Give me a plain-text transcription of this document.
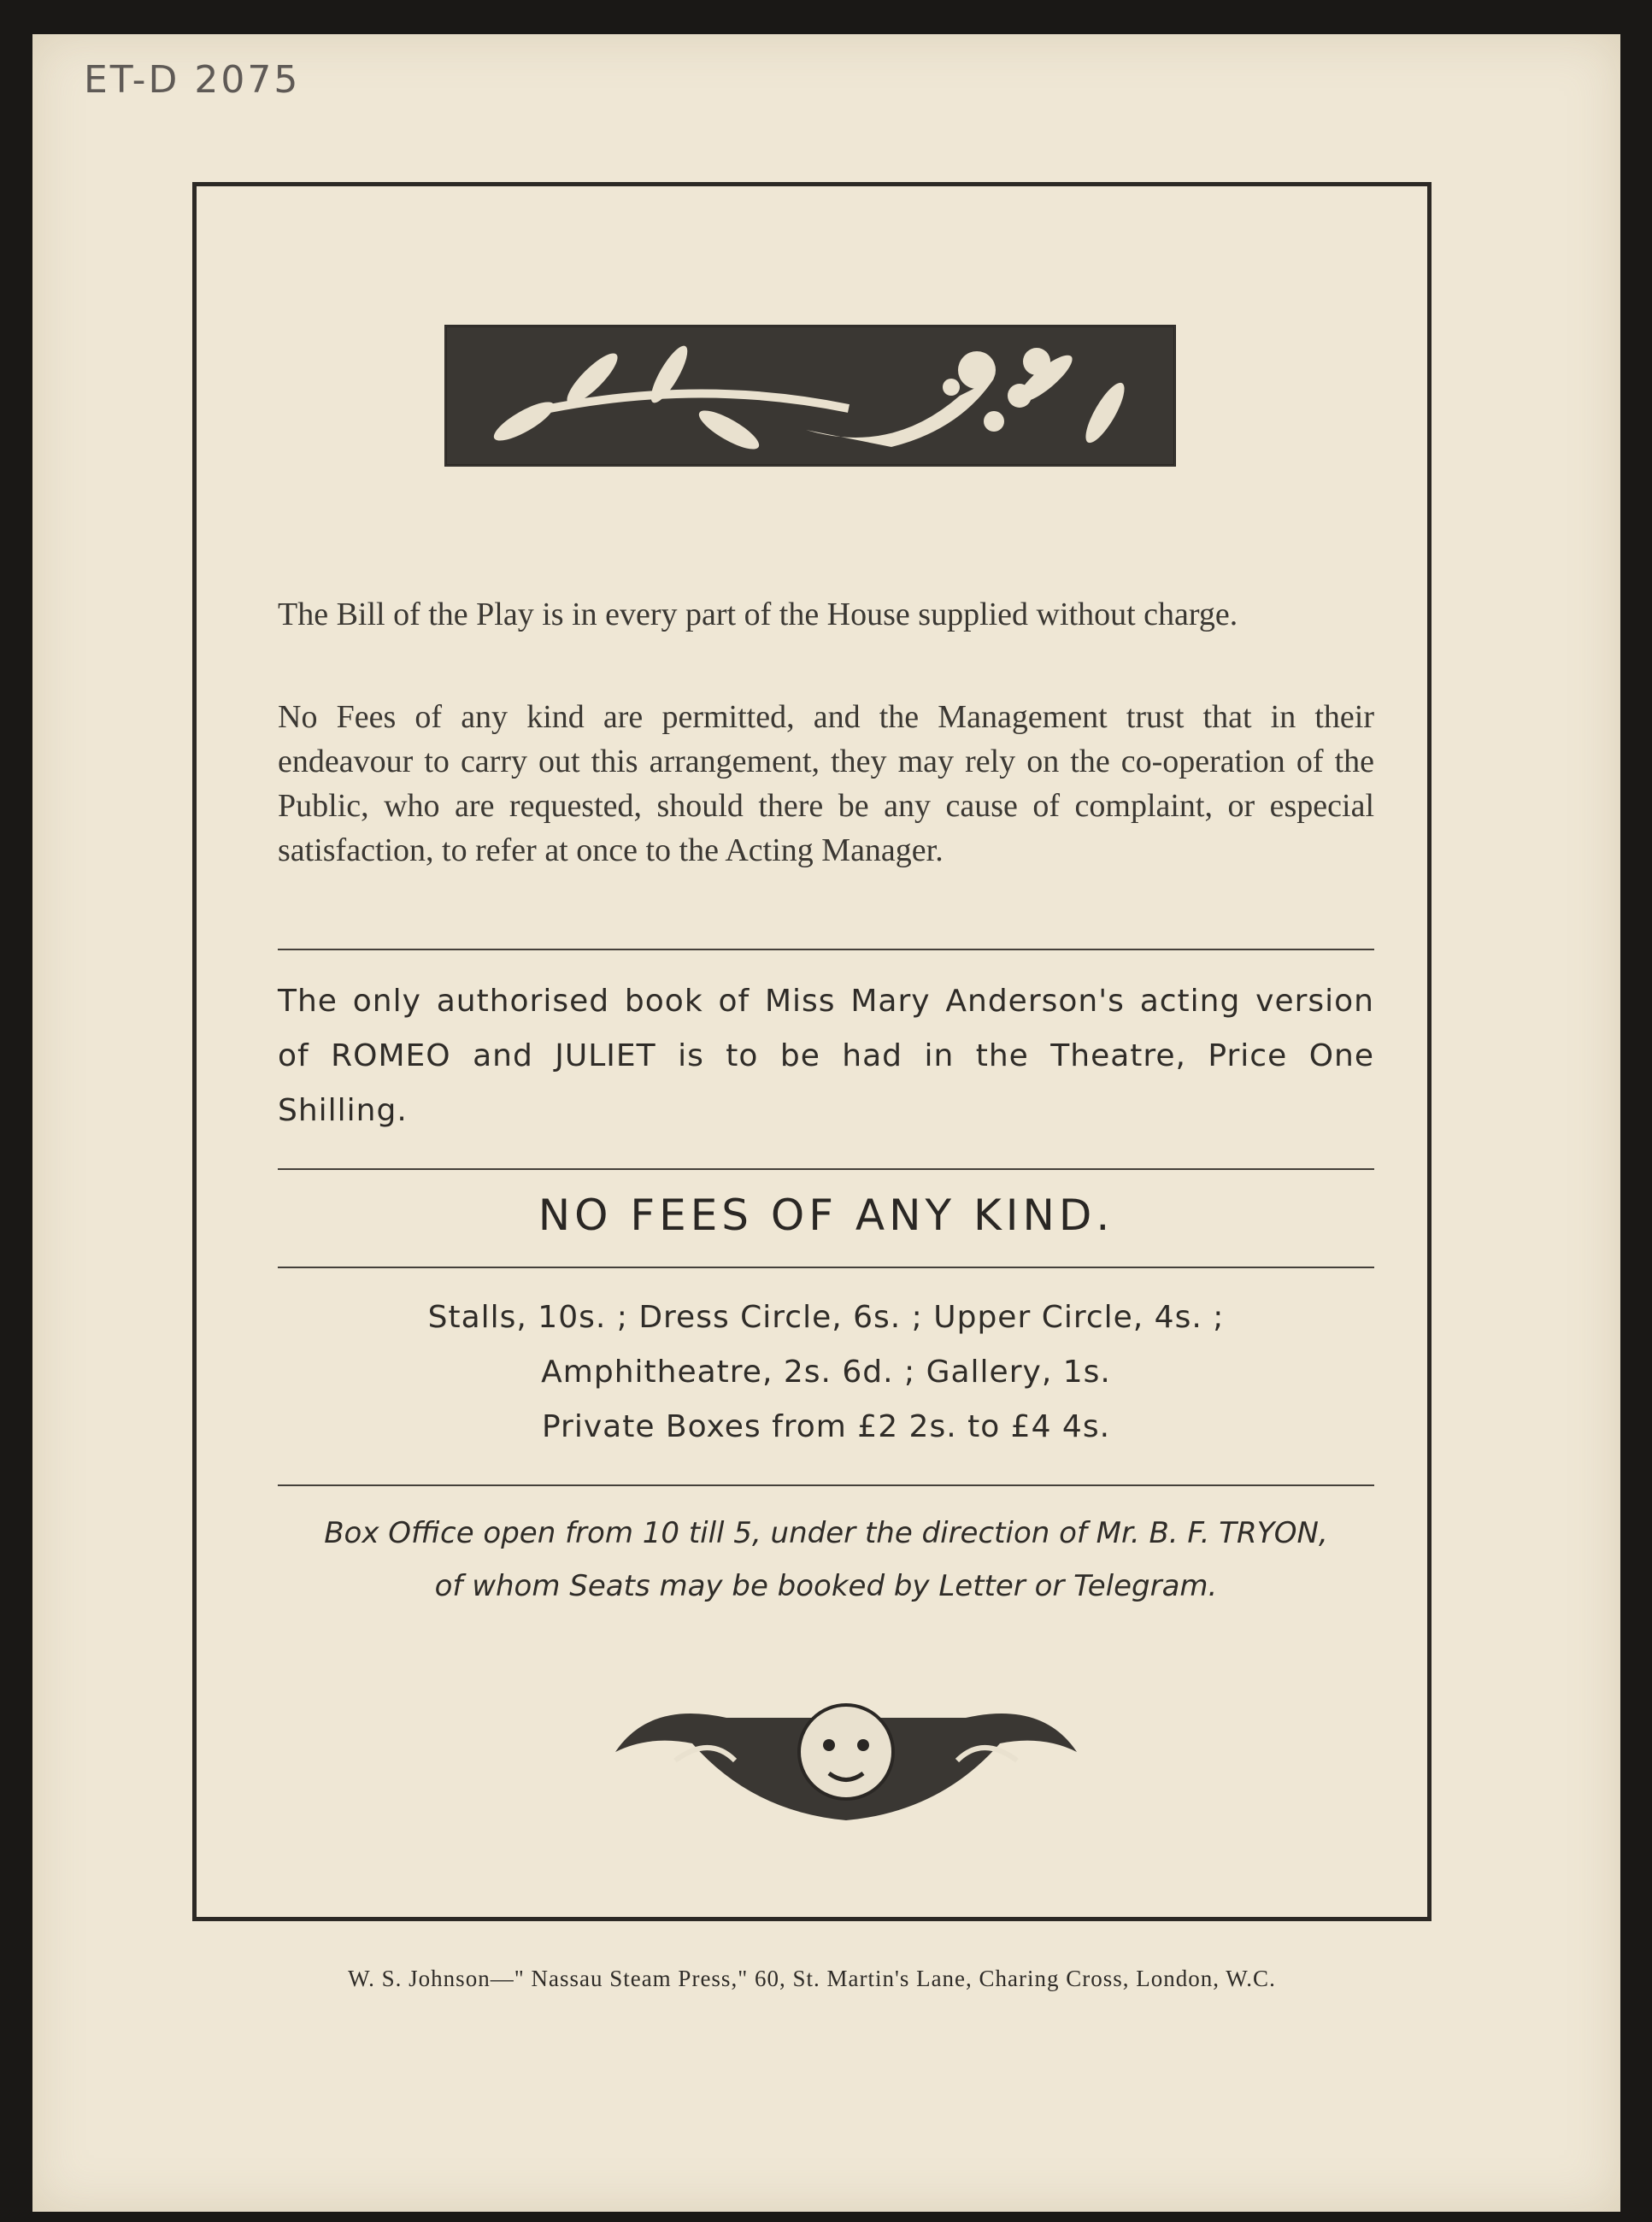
ET-D 2075
The Bill of the Play is in every part of the House supplied without charge.
No Fees of any kind are permitted, and the Management trust that in their endeavour to carry out this arrangement, they may rely on the co-operation of the Public, who are requested, should there be any cause of complaint, or especial satisfaction, to refer at once to the Acting Manager.
The only authorised book of Miss Mary Anderson's acting version of ROMEO and JULIET is to be had in the Theatre, Price One Shilling.
NO FEES OF ANY KIND.
Stalls, 10s. ; Dress Circle, 6s. ; Upper Circle, 4s. ;
Amphitheatre, 2s. 6d. ; Gallery, 1s.
Private Boxes from £2 2s. to £4 4s.
Box Office open from 10 till 5, under the direction of Mr. B. F. TRYON,
of whom Seats may be booked by Letter or Telegram.
W. S. Johnson—" Nassau Steam Press," 60, St. Martin's Lane, Charing Cross, London, W.C.
